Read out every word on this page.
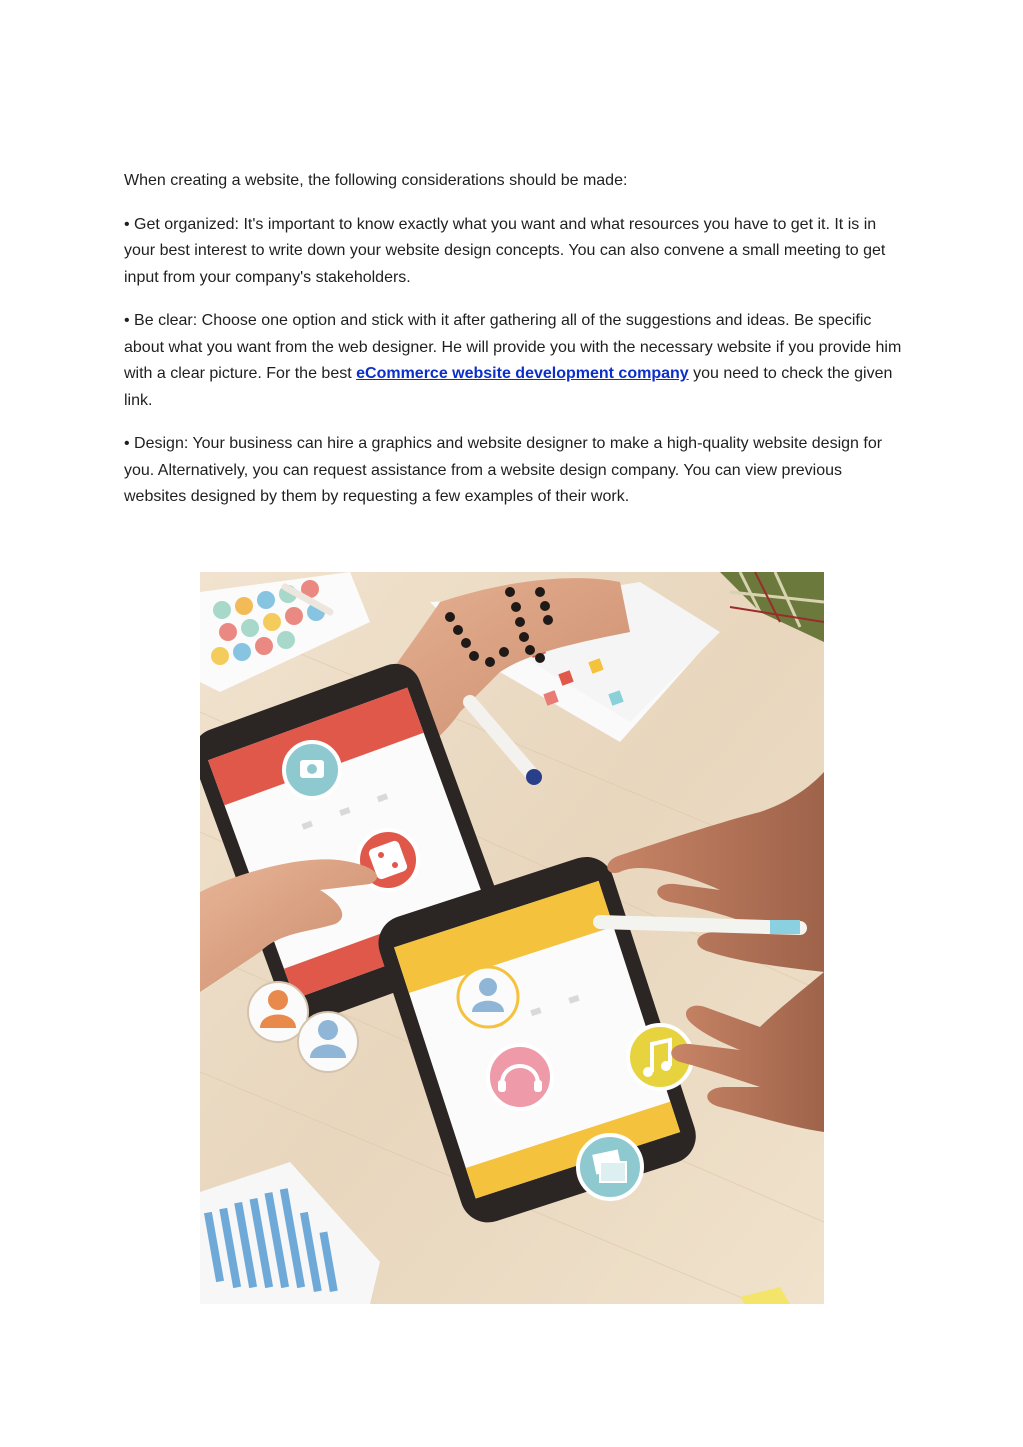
When creating a website, the following considerations should be made:

• Get organized: It's important to know exactly what you want and what resources you have to get it. It is in your best interest to write down your website design concepts. You can also convene a small meeting to get input from your company's stakeholders.

• Be clear: Choose one option and stick with it after gathering all of the suggestions and ideas. Be specific about what you want from the web designer. He will provide you with the necessary website if you provide him with a clear picture. For the best eCommerce website development company you need to check the given link.

• Design: Your business can hire a graphics and website designer to make a high-quality website design for you. Alternatively, you can request assistance from a website design company. You can view previous websites designed by them by requesting a few examples of their work.
